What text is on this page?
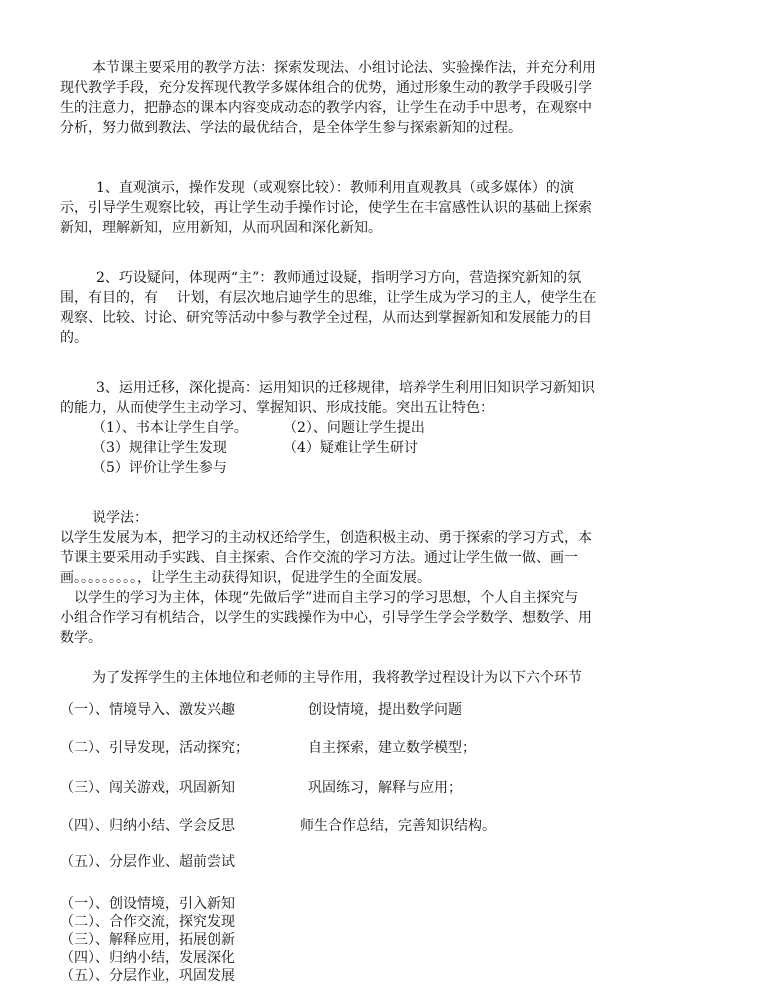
本节课主要采用的教学方法：探索发现法、小组讨论法、实验操作法，并充分利用
现代教学手段，充分发挥现代教学多媒体组合的优势，通过形象生动的教学手段吸引学
生的注意力，把静态的课本内容变成动态的教学内容，让学生在动手中思考，在观察中
分析，努力做到教法、学法的最优结合，是全体学生参与探索新知的过程。
1、直观演示，操作发现（或观察比较）：教师利用直观教具（或多媒体）的演
示，引导学生观察比较，再让学生动手操作讨论，使学生在丰富感性认识的基础上探索
新知，理解新知，应用新知，从而巩固和深化新知。
2、巧设疑问，体现两“主”：教师通过设疑，指明学习方向，营造探究新知的氛
围，有目的，有　 计划，有层次地启迪学生的思维，让学生成为学习的主人，使学生在
观察、比较、讨论、研究等活动中参与教学全过程，从而达到掌握新知和发展能力的目
的。
3、运用迁移，深化提高：运用知识的迁移规律，培养学生利用旧知识学习新知识
的能力，从而使学生主动学习、掌握知识、形成技能。突出五让特色：
（1）、书本让学生自学。	（2）、问题让学生提出
（3）规律让学生发现	（4）疑难让学生研讨
（5）评价让学生参与
说学法：
以学生发展为本，把学习的主动权还给学生，创造积极主动、勇于探索的学习方式，本
节课主要采用动手实践、自主探索、合作交流的学习方法。通过让学生做一做、画一
画。。。。。。。。。，让学生主动获得知识，促进学生的全面发展。
以学生的学习为主体，体现“先做后学”进而自主学习的学习思想，个人自主探究与
小组合作学习有机结合，以学生的实践操作为中心，引导学生学会学数学、想数学、用
数学。
为了发挥学生的主体地位和老师的主导作用，我将教学过程设计为以下六个环节
（一）、情境导入、激发兴趣	创设情境，提出数学问题
（二）、引导发现，活动探究；	自主探索，建立数学模型；
（三）、闯关游戏，巩固新知	巩固练习，解释与应用；
（四）、归纳小结、学会反思	师生合作总结，完善知识结构。
（五）、分层作业、超前尝试
（一）、创设情境，引入新知
（二）、合作交流，探究发现
（三）、解释应用，拓展创新
（四）、归纳小结，发展深化
（五）、分层作业，巩固发展
